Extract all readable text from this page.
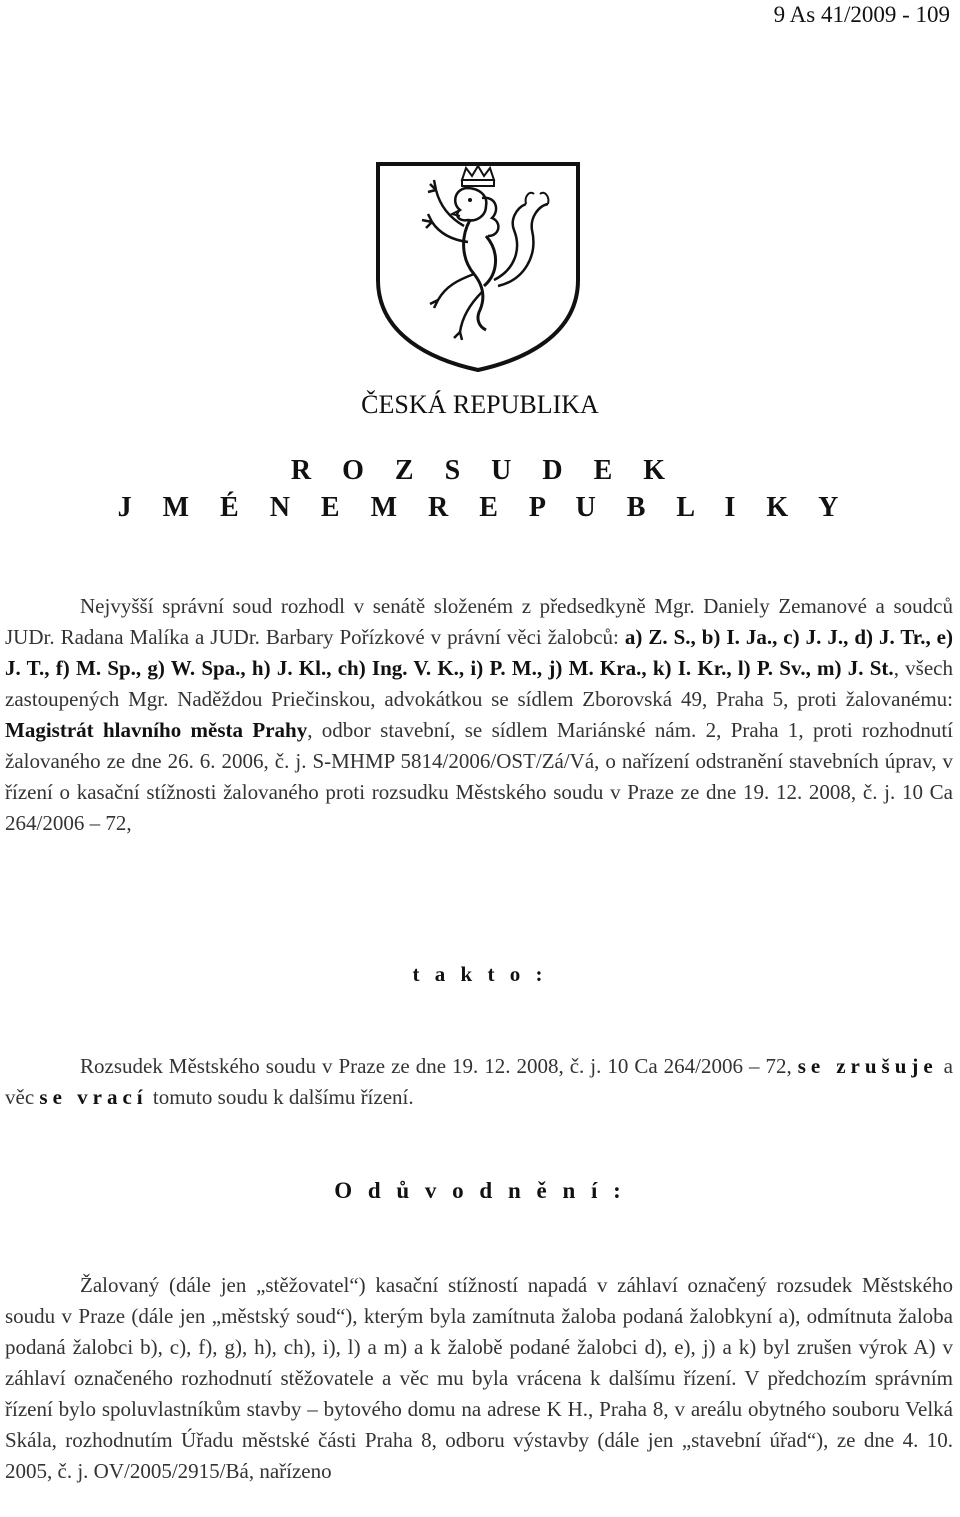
9 As 41/2009 - 109
ČESKÁ REPUBLIKA
R O Z S U D E K
J M É N E M R E P U B L I K Y
Nejvyšší správní soud rozhodl v senátě složeném z předsedkyně Mgr. Daniely Zemanové a soudců JUDr. Radana Malíka a JUDr. Barbary Pořízkové v právní věci žalobců: a) Z. S., b) I. Ja., c) J. J., d) J. Tr., e) J. T., f) M. Sp., g) W. Spa., h) J. Kl., ch) Ing. V. K., i) P. M., j) M. Kra., k) I. Kr., l) P. Sv., m) J. St., všech zastoupených Mgr. Naděždou Priečinskou, advokátkou se sídlem Zborovská 49, Praha 5, proti žalovanému: Magistrát hlavního města Prahy, odbor stavební, se sídlem Mariánské nám. 2, Praha 1, proti rozhodnutí žalovaného ze dne 26. 6. 2006, č. j. S-MHMP 5814/2006/OST/Zá/Vá, o nařízení odstranění stavebních úprav, v řízení o kasační stížnosti žalovaného proti rozsudku Městského soudu v Praze ze dne 19. 12. 2008, č. j. 10 Ca 264/2006 – 72,
t a k t o :
Rozsudek Městského soudu v Praze ze dne 19. 12. 2008, č. j. 10 Ca 264/2006 – 72, se zrušuje a věc se vrací tomuto soudu k dalšímu řízení.
O d ů v o d n ě n í :
Žalovaný (dále jen „stěžovatel“) kasační stížností napadá v záhlaví označený rozsudek Městského soudu v Praze (dále jen „městský soud“), kterým byla zamítnuta žaloba podaná žalobkyní a), odmítnuta žaloba podaná žalobci b), c), f), g), h), ch), i), l) a m) a k žalobě podané žalobci d), e), j) a k) byl zrušen výrok A) v záhlaví označeného rozhodnutí stěžovatele a věc mu byla vrácena k dalšímu řízení. V předchozím správním řízení bylo spoluvlastníkům stavby – bytového domu na adrese K H., Praha 8, v areálu obytného souboru Velká Skála, rozhodnutím Úřadu městské části Praha 8, odboru výstavby (dále jen „stavební úřad“), ze dne 4. 10. 2005, č. j. OV/2005/2915/Bá, nařízeno
